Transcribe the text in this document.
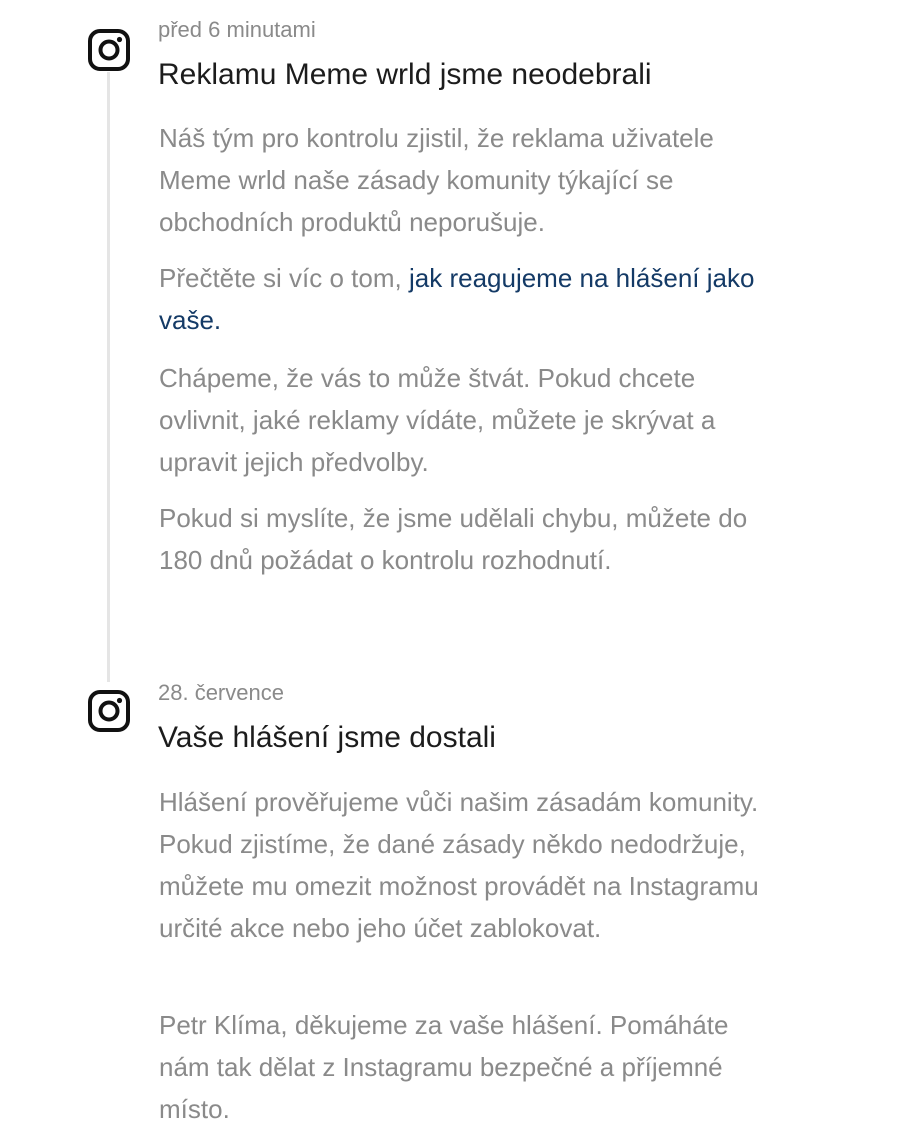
před 6 minutami
Reklamu Meme wrld jsme neodebrali

Náš tým pro kontrolu zjistil, že reklama uživatele Meme wrld naše zásady komunity týkající se obchodních produktů neporušuje.

Přečtěte si víc o tom, jak reagujeme na hlášení jako vaše.

Chápeme, že vás to může štvát. Pokud chcete ovlivnit, jaké reklamy vídáte, můžete je skrývat a upravit jejich předvolby.

Pokud si myslíte, že jsme udělali chybu, můžete do 180 dnů požádat o kontrolu rozhodnutí.

28. července
Vaše hlášení jsme dostali

Hlášení prověřujeme vůči našim zásadám komunity. Pokud zjistíme, že dané zásady někdo nedodržuje, můžete mu omezit možnost provádět na Instagramu určité akce nebo jeho účet zablokovat.

Petr Klíma, děkujeme za vaše hlášení. Pomáháte nám tak dělat z Instagramu bezpečné a příjemné místo.
